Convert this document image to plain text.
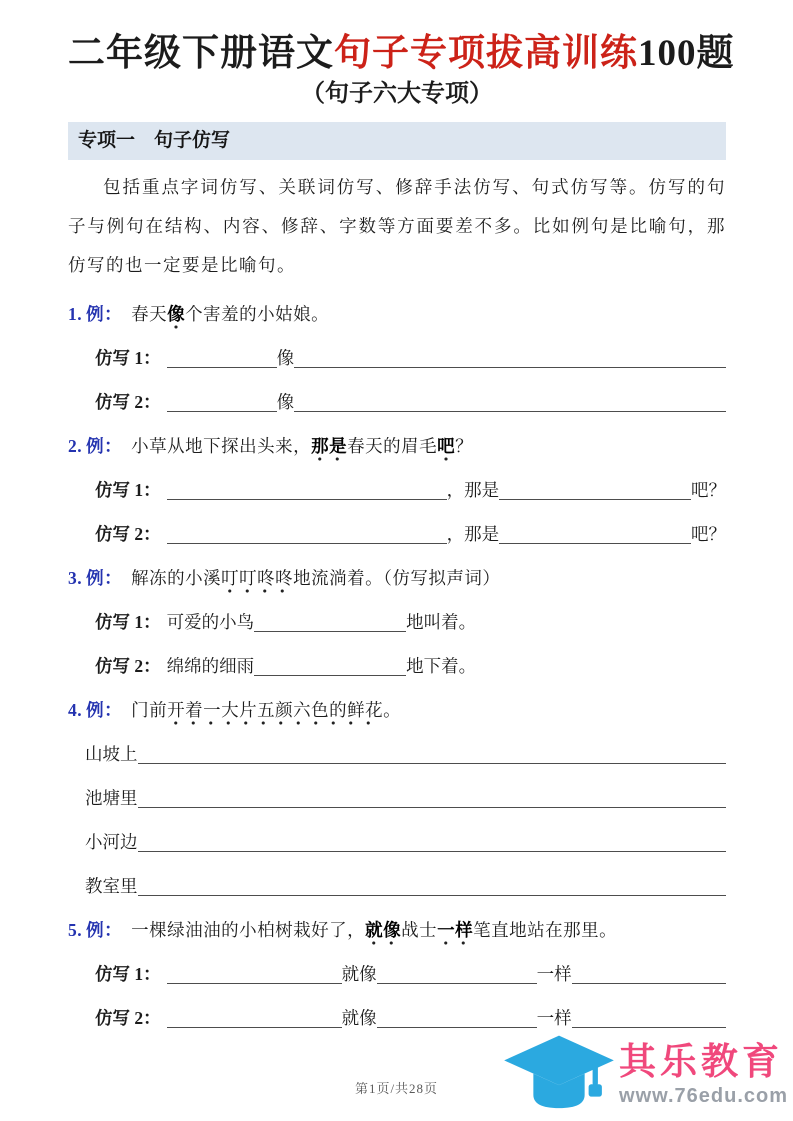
二年级下册语文句子专项拔高训练100题
（句子六大专项）
专项一　句子仿写

包括重点字词仿写、关联词仿写、修辞手法仿写、句式仿写等。仿写的句子与例句在结构、内容、修辞、字数等方面要差不多。比如例句是比喻句，那仿写的也一定要是比喻句。

1. 例： 春天像个害羞的小姑娘。
仿写 1：	像
仿写 2：	像
2. 例： 小草从地下探出头来，那是春天的眉毛吧？
仿写 1：	，那是	吧？
仿写 2：	，那是	吧？
3. 例： 解冻的小溪叮叮咚咚地流淌着。（仿写拟声词）
仿写 1： 可爱的小鸟	地叫着。
仿写 2： 绵绵的细雨	地下着。
4. 例： 门前开着一大片五颜六色的鲜花。
山坡上
池塘里
小河边
教室里
5. 例： 一棵绿油油的小柏树栽好了，就像战士一样笔直地站在那里。
仿写 1：	就像	一样
仿写 2：	就像	一样
第1页/共28页
其乐教育
www.76edu.com
